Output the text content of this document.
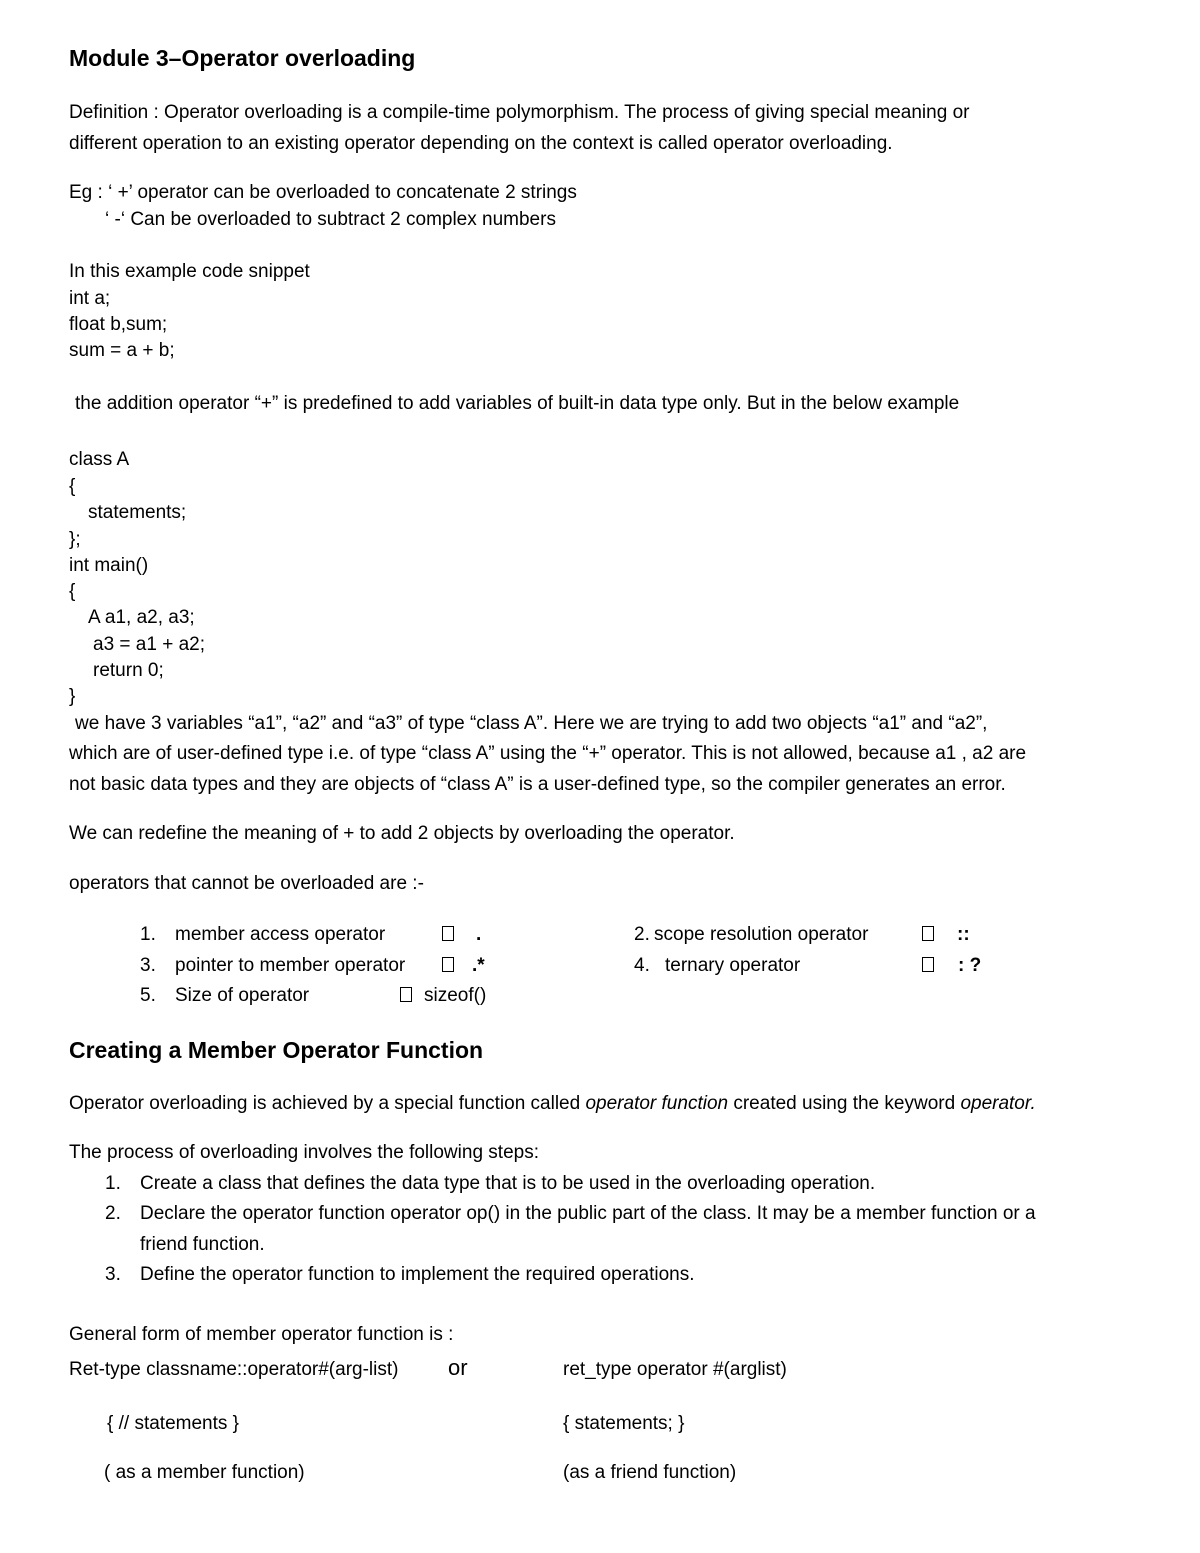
Module 3–Operator overloading
Definition : Operator overloading is a compile-time polymorphism. The process of giving special meaning or
different operation to an existing operator depending on the context is called operator overloading.
Eg : ‘ +’ operator can be overloaded to concatenate 2 strings
‘ -‘ Can be overloaded to subtract 2 complex numbers
In this example code snippet
int a;
float b,sum;
sum = a + b;
the addition operator “+” is predefined to add variables of built-in data type only. But in the below example
class A
{
statements;
};
int main()
{
A a1, a2, a3;
a3 = a1 + a2;
return 0;
}
we have 3 variables “a1”, “a2” and “a3” of type “class A”. Here we are trying to add two objects “a1” and “a2”,
which are of user-defined type i.e. of type “class A” using the “+” operator. This is not allowed, because a1 , a2 are
not basic data types and they are objects of “class A” is a user-defined type, so the compiler generates an error.
We can redefine the meaning of + to add 2 objects by overloading the operator.
operators that cannot be overloaded are :-
1. member access operator	.	2. scope resolution operator	::
3. pointer to member operator	.*	4. ternary operator	: ?
5. Size of operator	sizeof()
Creating a Member Operator Function
Operator overloading is achieved by a special function called operator function created using the keyword operator.
The process of overloading involves the following steps:
1. Create a class that defines the data type that is to be used in the overloading operation.
2. Declare the operator function operator op() in the public part of the class. It may be a member function or a
friend function.
3. Define the operator function to implement the required operations.
General form of member operator function is :
Ret-type classname::operator#(arg-list) or	ret_type operator #(arglist)
{ // statements }	{ statements; }
( as a member function)	(as a friend function)
